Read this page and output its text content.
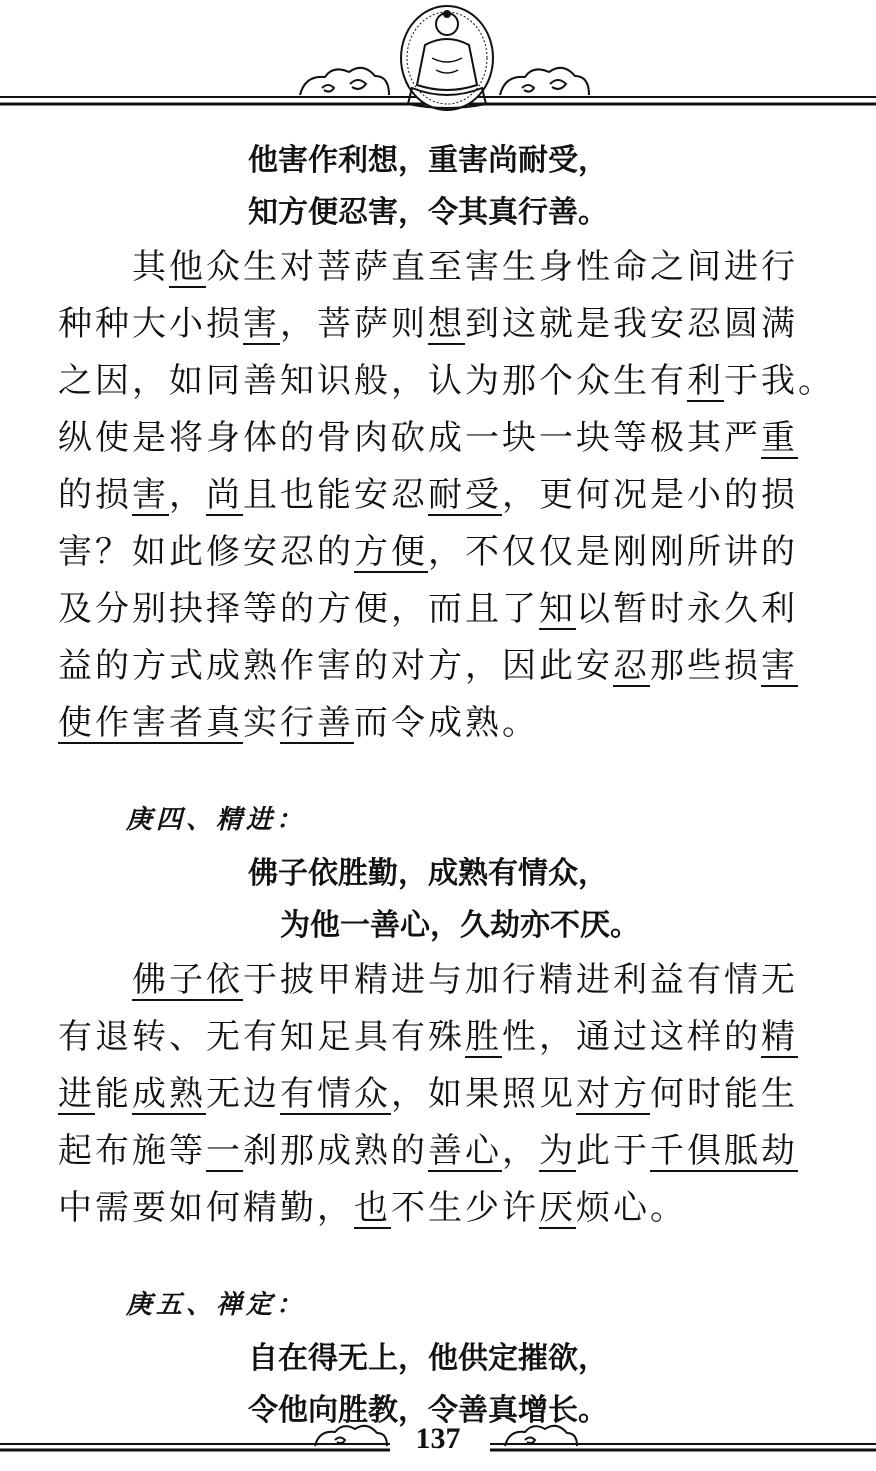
他害作利想，重害尚耐受，
知方便忍害，令其真行善。
其他众生对菩萨直至害生身性命之间进行
种种大小损害，菩萨则想到这就是我安忍圆满
之因，如同善知识般，认为那个众生有利于我。
纵使是将身体的骨肉砍成一块一块等极其严重
的损害，尚且也能安忍耐受，更何况是小的损
害？如此修安忍的方便，不仅仅是刚刚所讲的
及分别抉择等的方便，而且了知以暂时永久利
益的方式成熟作害的对方，因此安忍那些损害
使作害者真实行善而令成熟。
庚四、精进：
佛子依胜勤，成熟有情众，
为他一善心，久劫亦不厌。
佛子依于披甲精进与加行精进利益有情无
有退转、无有知足具有殊胜性，通过这样的精
进能成熟无边有情众，如果照见对方何时能生
起布施等一刹那成熟的善心，为此于千俱胝劫
中需要如何精勤，也不生少许厌烦心。
庚五、禅定：
自在得无上，他供定摧欲，
令他向胜教，令善真增长。
137
